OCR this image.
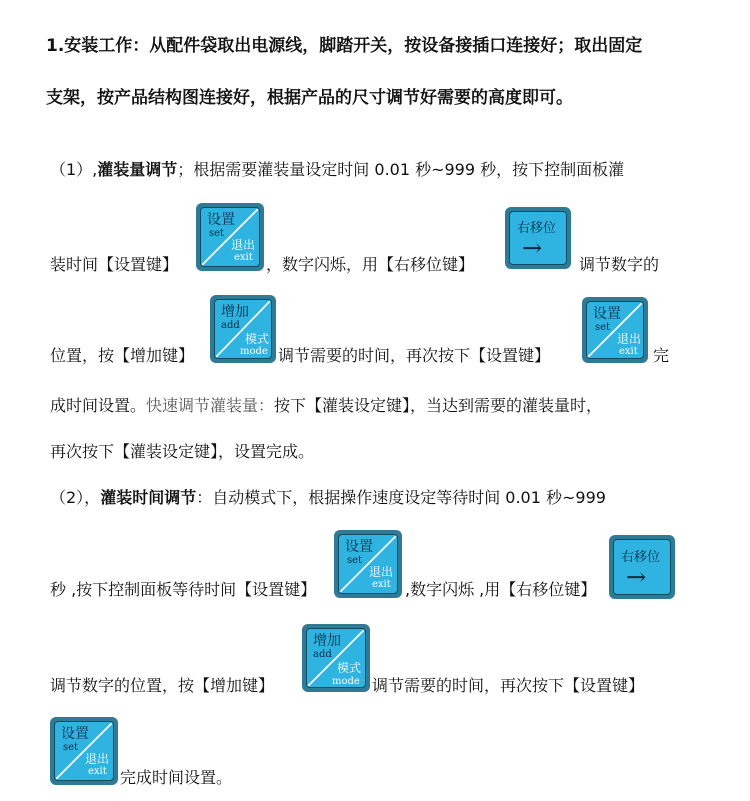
1.安装工作：从配件袋取出电源线，脚踏开关，按设备接插口连接好；取出固定
支架，按产品结构图连接好，根据产品的尺寸调节好需要的高度即可。
（1）,灌装量调节；根据需要灌装量设定时间 0.01 秒~999 秒，按下控制面板灌
装时间【设置键】	，数字闪烁，用【右移位键】	调节数字的
位置，按【增加键】	调节需要的时间，再次按下【设置键】	完
成时间设置。快速调节灌装量：按下【灌装设定键】，当达到需要的灌装量时，
再次按下【灌装设定键】，设置完成。
（2），灌装时间调节：自动模式下，根据操作速度设定等待时间 0.01 秒~999
秒 ,按下控制面板等待时间【设置键】	,数字闪烁 ,用【右移位键】
调节数字的位置，按【增加键】	调节需要的时间，再次按下【设置键】
完成时间设置。
设置
set
退出
exit
右移位
→
增加
add
模式
mode
设置
set
退出
exit
设置
set
退出
exit
右移位
→
增加
add
模式
mode
设置
set
退出
exit
